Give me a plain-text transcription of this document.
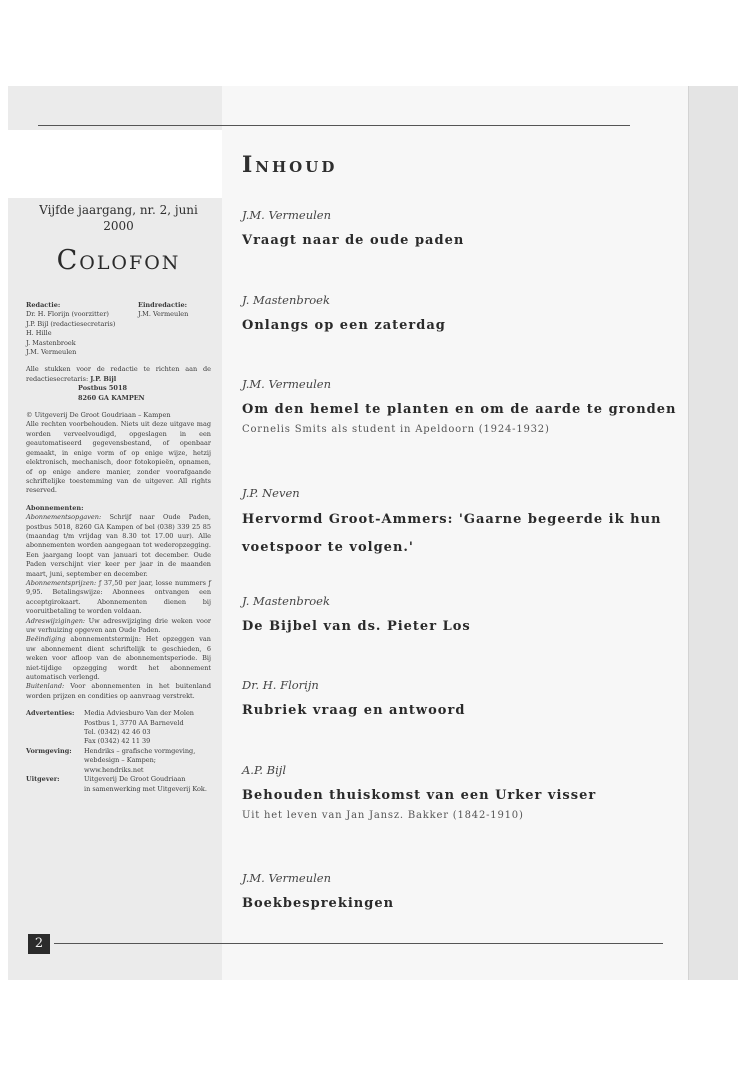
2
Vijfde jaargang, nr. 2, juni 2000
Colofon
Redactie:
Dr. H. Florijn (voorzitter)
J.P. Bijl (redactiesecretaris)
H. Hille
J. Mastenbroek
J.M. Vermeulen
Eindredactie:
J.M. Vermeulen
Alle stukken voor de redactie te richten aan de redactiesecretaris: J.P. Bijl
Postbus 5018
8260 GA KAMPEN
© Uitgeverij De Groot Goudriaan – Kampen
Alle rechten voorbehouden. Niets uit deze uitgave mag worden verveelvoudigd, opgeslagen in een geautomatiseerd gegevensbestand, of openbaar gemaakt, in enige vorm of op enige wijze, hetzij elektronisch, mechanisch, door fotokopieën, opnamen, of op enige andere manier, zonder voorafgaande schriftelijke toestemming van de uitgever. All rights reserved.
Abonnementen:
Abonnementsopgaven: Schrijf naar Oude Paden, postbus 5018, 8260 GA Kampen of bel (038) 339 25 85 (maandag t/m vrijdag van 8.30 tot 17.00 uur). Alle abonnementen worden aangegaan tot wederopzegging. Een jaargang loopt van januari tot december. Oude Paden verschijnt vier keer per jaar in de maanden maart, juni, september en december.
Abonnementsprijzen: ƒ 37,50 per jaar, losse nummers ƒ 9,95. Betalingswijze: Abonnees ontvangen een acceptgirokaart. Abonnementen dienen bij vooruitbetaling te worden voldaan.
Adreswijzigingen: Uw adreswijziging drie weken voor uw verhuizing opgeven aan Oude Paden.
Beëindiging abonnementstermijn: Het opzeggen van uw abonnement dient schriftelijk te geschieden, 6 weken voor afloop van de abonnementsperiode. Bij niet-tijdige opzegging wordt het abonnement automatisch verlengd.
Buitenland: Voor abonnementen in het buitenland worden prijzen en condities op aanvraag verstrekt.
Advertenties:	Media Adviesburo Van der Molen
Postbus 1, 3770 AA Barneveld
Tel. (0342) 42 46 03
Fax (0342) 42 11 39
Vormgeving:	Hendriks – grafische vormgeving,
webdesign – Kampen; www.hendriks.net
Uitgever:	Uitgeverij De Groot Goudriaan
in samenwerking met Uitgeverij Kok.
Inhoud
J.M. Vermeulen
Vraagt naar de oude paden
J. Mastenbroek
Onlangs op een zaterdag
J.M. Vermeulen
Om den hemel te planten en om de aarde te gronden
Cornelis Smits als student in Apeldoorn (1924-1932)
J.P. Neven
Hervormd Groot-Ammers: 'Gaarne begeerde ik hun voetspoor te volgen.'
J. Mastenbroek
De Bijbel van ds. Pieter Los
Dr. H. Florijn
Rubriek vraag en antwoord
A.P. Bijl
Behouden thuiskomst van een Urker visser
Uit het leven van Jan Jansz. Bakker (1842-1910)
J.M. Vermeulen
Boekbesprekingen
